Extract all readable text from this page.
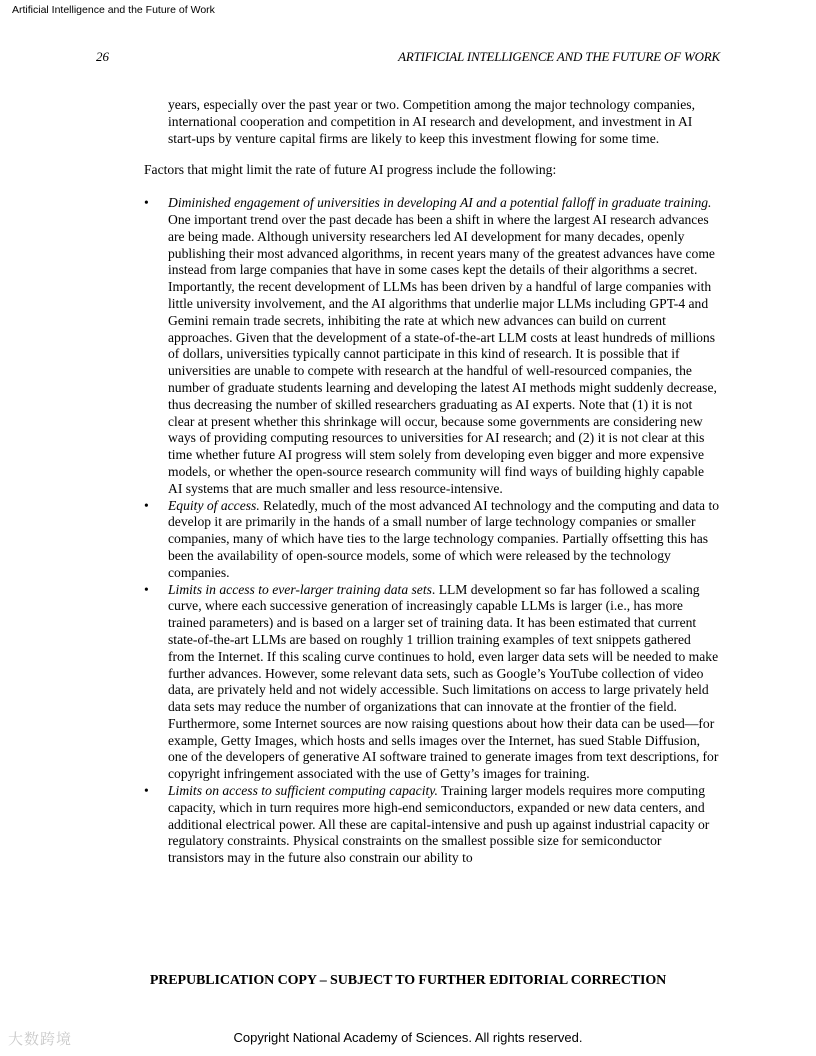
Artificial Intelligence and the Future of Work
26	ARTIFICIAL INTELLIGENCE AND THE FUTURE OF WORK

years, especially over the past year or two. Competition among the major technology companies, international cooperation and competition in AI research and development, and investment in AI start-ups by venture capital firms are likely to keep this investment flowing for some time.

Factors that might limit the rate of future AI progress include the following:

•	Diminished engagement of universities in developing AI and a potential falloff in graduate training. One important trend over the past decade has been a shift in where the largest AI research advances are being made. Although university researchers led AI development for many decades, openly publishing their most advanced algorithms, in recent years many of the greatest advances have come instead from large companies that have in some cases kept the details of their algorithms a secret. Importantly, the recent development of LLMs has been driven by a handful of large companies with little university involvement, and the AI algorithms that underlie major LLMs including GPT-4 and Gemini remain trade secrets, inhibiting the rate at which new advances can build on current approaches. Given that the development of a state-of-the-art LLM costs at least hundreds of millions of dollars, universities typically cannot participate in this kind of research. It is possible that if universities are unable to compete with research at the handful of well-resourced companies, the number of graduate students learning and developing the latest AI methods might suddenly decrease, thus decreasing the number of skilled researchers graduating as AI experts. Note that (1) it is not clear at present whether this shrinkage will occur, because some governments are considering new ways of providing computing resources to universities for AI research; and (2) it is not clear at this time whether future AI progress will stem solely from developing even bigger and more expensive models, or whether the open-source research community will find ways of building highly capable AI systems that are much smaller and less resource-intensive.
•	Equity of access. Relatedly, much of the most advanced AI technology and the computing and data to develop it are primarily in the hands of a small number of large technology companies or smaller companies, many of which have ties to the large technology companies. Partially offsetting this has been the availability of open-source models, some of which were released by the technology companies.
•	Limits in access to ever-larger training data sets. LLM development so far has followed a scaling curve, where each successive generation of increasingly capable LLMs is larger (i.e., has more trained parameters) and is based on a larger set of training data. It has been estimated that current state-of-the-art LLMs are based on roughly 1 trillion training examples of text snippets gathered from the Internet. If this scaling curve continues to hold, even larger data sets will be needed to make further advances. However, some relevant data sets, such as Google’s YouTube collection of video data, are privately held and not widely accessible. Such limitations on access to large privately held data sets may reduce the number of organizations that can innovate at the frontier of the field. Furthermore, some Internet sources are now raising questions about how their data can be used—for example, Getty Images, which hosts and sells images over the Internet, has sued Stable Diffusion, one of the developers of generative AI software trained to generate images from text descriptions, for copyright infringement associated with the use of Getty’s images for training.
•	Limits on access to sufficient computing capacity. Training larger models requires more computing capacity, which in turn requires more high-end semiconductors, expanded or new data centers, and additional electrical power. All these are capital-intensive and push up against industrial capacity or regulatory constraints. Physical constraints on the smallest possible size for semiconductor transistors may in the future also constrain our ability to
PREPUBLICATION COPY – SUBJECT TO FURTHER EDITORIAL CORRECTION
大数跨境	Copyright National Academy of Sciences. All rights reserved.
